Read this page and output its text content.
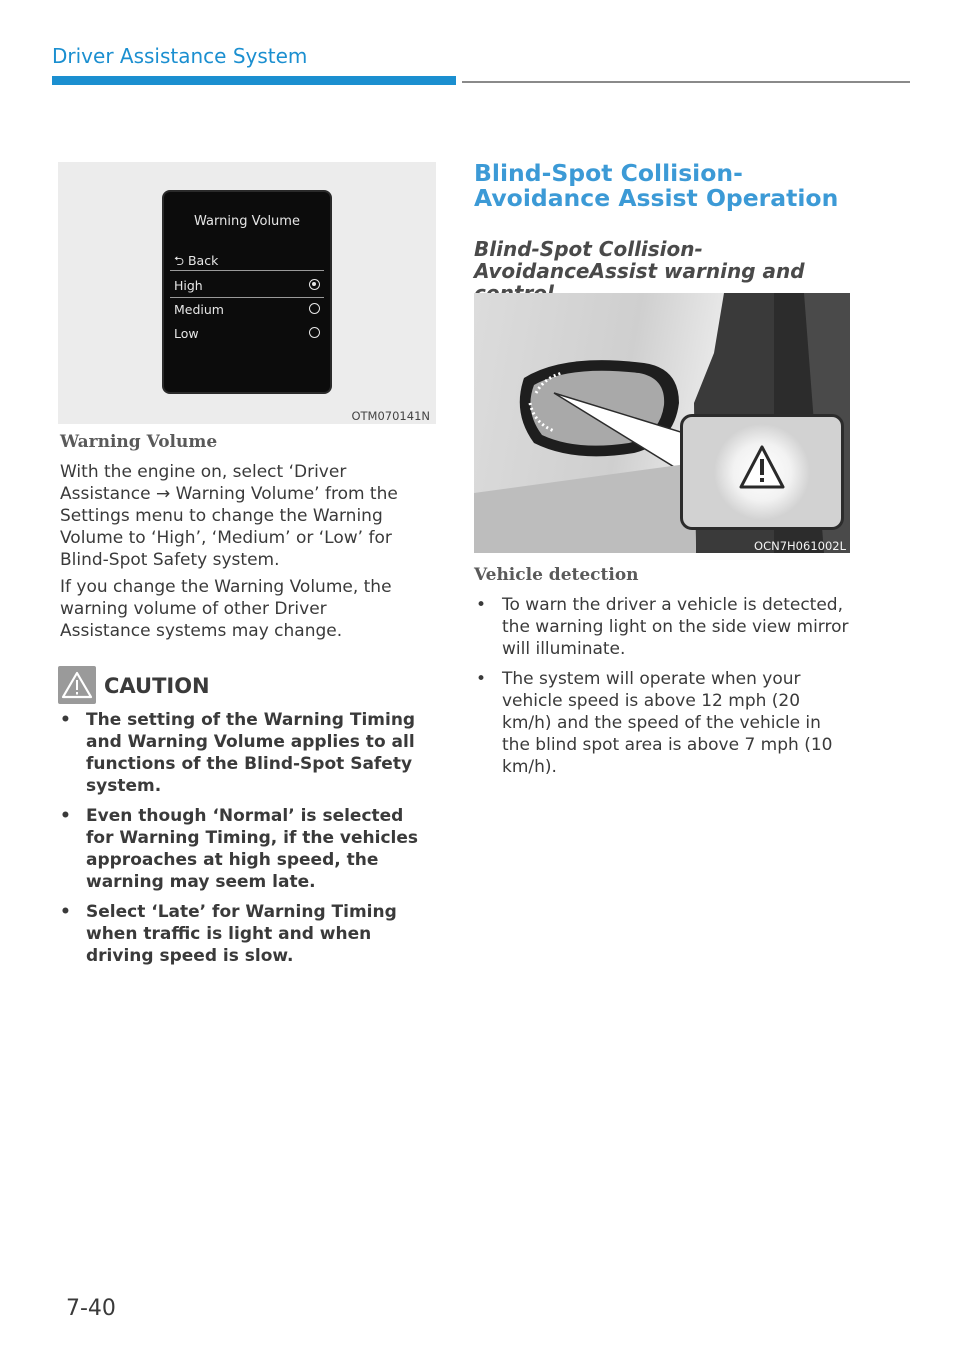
Driver Assistance System
Warning Volume
⮌ Back
High
Medium
Low
OTM070141N
Warning Volume
With the engine on, select ‘Driver Assistance → Warning Volume’ from the Settings menu to change the Warning Volume to ‘High’, ‘Medium’ or ‘Low’ for Blind-Spot Safety system.
If you change the Warning Volume, the warning volume of other Driver Assistance systems may change.
CAUTION
• The setting of the Warning Timing and Warning Volume applies to all functions of the Blind-Spot Safety system.
• Even though ‘Normal’ is selected for Warning Timing, if the vehicles approaches at high speed, the warning may seem late.
• Select ‘Late’ for Warning Timing when traffic is light and when driving speed is slow.
Blind-Spot Collision-Avoidance Assist Operation
Blind-Spot Collision-AvoidanceAssist warning and
OCN7H061002L
Vehicle detection
• To warn the driver a vehicle is detected, the warning light on the side view mirror will illuminate.
• The system will operate when your vehicle speed is above 12 mph (20 km/h) and the speed of the vehicle in the blind spot area is above 7 mph (10 km/h).
7-40
